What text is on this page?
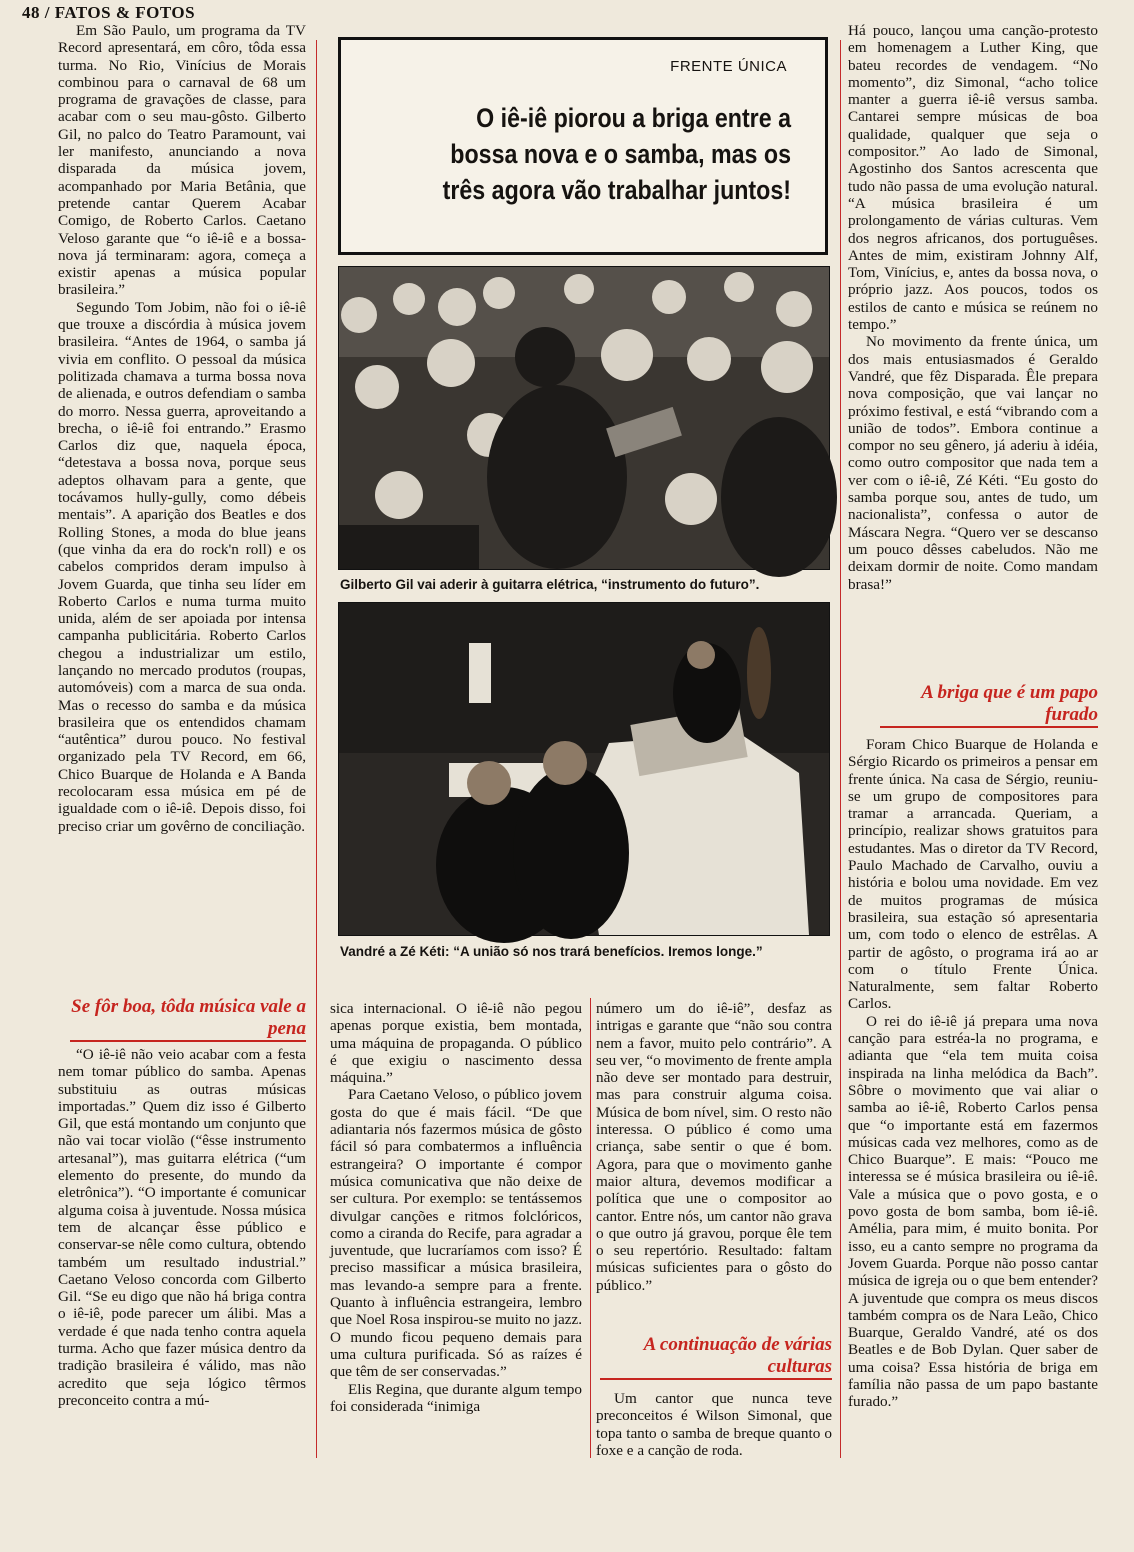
48 / FATOS & FOTOS

Em São Paulo, um programa da TV Record apresentará, em côro, tôda essa turma. No Rio, Vinícius de Morais combinou para o carnaval de 68 um programa de gravações de classe, para acabar com o seu mau-gôsto. Gilberto Gil, no palco do Teatro Paramount, vai ler manifesto, anunciando a nova disparada da música jovem, acompanhado por Maria Betânia, que pretende cantar Querem Acabar Comigo, de Roberto Carlos. Caetano Veloso garante que “o iê-iê e a bossa-nova já terminaram: agora, começa a existir apenas a música popular brasileira.”

Segundo Tom Jobim, não foi o iê-iê que trouxe a discórdia à música jovem brasileira. “Antes de 1964, o samba já vivia em conflito. O pessoal da música politizada chamava a turma bossa nova de alienada, e outros defendiam o samba do morro. Nessa guerra, aproveitando a brecha, o iê-iê foi entrando.” Erasmo Carlos diz que, naquela época, “detestava a bossa nova, porque seus adeptos olhavam para a gente, que tocávamos hully-gully, como débeis mentais”. A aparição dos Beatles e dos Rolling Stones, a moda do blue jeans (que vinha da era do rock'n roll) e os cabelos compridos deram impulso à Jovem Guarda, que tinha seu líder em Roberto Carlos e numa turma muito unida, além de ser apoiada por intensa campanha publicitária. Roberto Carlos chegou a industrializar um estilo, lançando no mercado produtos (roupas, automóveis) com a marca de sua onda. Mas o recesso do samba e da música brasileira que os entendidos chamam “autêntica” durou pouco. No festival organizado pela TV Record, em 66, Chico Buarque de Holanda e A Banda recolocaram essa música em pé de igualdade com o iê-iê. Depois disso, foi preciso criar um govêrno de conciliação.

Se fôr boa, tôda música vale a pena

“O iê-iê não veio acabar com a festa nem tomar público do samba. Apenas substituiu as outras músicas importadas.” Quem diz isso é Gilberto Gil, que está montando um conjunto que não vai tocar violão (“êsse instrumento artesanal”), mas guitarra elétrica (“um elemento do presente, do mundo da eletrônica”). “O importante é comunicar alguma coisa à juventude. Nossa música tem de alcançar êsse público e conservar-se nêle como cultura, obtendo também um resultado industrial.” Caetano Veloso concorda com Gilberto Gil. “Se eu digo que não há briga contra o iê-iê, pode parecer um álibi. Mas a verdade é que nada tenho contra aquela turma. Acho que fazer música dentro da tradição brasileira é válido, mas não acredito que seja lógico têrmos preconceito contra a mú-

FRENTE ÚNICA
O iê-iê piorou a briga entre a bossa nova e o samba, mas os três agora vão trabalhar juntos!
Gilberto Gil vai aderir à guitarra elétrica, “instrumento do futuro”.
Vandré a Zé Kéti: “A união só nos trará benefícios. Iremos longe.”

sica internacional. O iê-iê não pegou apenas porque existia, bem montada, uma máquina de propaganda. O público é que exigiu o nascimento dessa máquina.”

Para Caetano Veloso, o público jovem gosta do que é mais fácil. “De que adiantaria nós fazermos música de gôsto fácil só para combatermos a influência estrangeira? O importante é compor música comunicativa que não deixe de ser cultura. Por exemplo: se tentássemos divulgar canções e ritmos folclóricos, como a ciranda do Recife, para agradar a juventude, que lucraríamos com isso? É preciso massificar a música brasileira, mas levando-a sempre para a frente. Quanto à influência estrangeira, lembro que Noel Rosa inspirou-se muito no jazz. O mundo ficou pequeno demais para uma cultura purificada. Só as raízes é que têm de ser conservadas.”

Elis Regina, que durante algum tempo foi considerada “inimiga

número um do iê-iê”, desfaz as intrigas e garante que “não sou contra nem a favor, muito pelo contrário”. A seu ver, “o movimento de frente ampla não deve ser montado para destruir, mas para construir alguma coisa. Música de bom nível, sim. O resto não interessa. O público é como uma criança, sabe sentir o que é bom. Agora, para que o movimento ganhe maior altura, devemos modificar a política que une o compositor ao cantor. Entre nós, um cantor não grava o que outro já gravou, porque êle tem o seu repertório. Resultado: faltam músicas suficientes para o gôsto do público.”

A continuação de várias culturas

Um cantor que nunca teve preconceitos é Wilson Simonal, que topa tanto o samba de breque quanto o foxe e a canção de roda.

Há pouco, lançou uma canção-protesto em homenagem a Luther King, que bateu recordes de vendagem. “No momento”, diz Simonal, “acho tolice manter a guerra iê-iê versus samba. Cantarei sempre músicas de boa qualidade, qualquer que seja o compositor.” Ao lado de Simonal, Agostinho dos Santos acrescenta que tudo não passa de uma evolução natural. “A música brasileira é um prolongamento de várias culturas. Vem dos negros africanos, dos portuguêses. Antes de mim, existiram Johnny Alf, Tom, Vinícius, e, antes da bossa nova, o próprio jazz. Aos poucos, todos os estilos de canto e música se reúnem no tempo.”

No movimento da frente única, um dos mais entusiasmados é Geraldo Vandré, que fêz Disparada. Êle prepara nova composição, que vai lançar no próximo festival, e está “vibrando com a união de todos”. Embora continue a compor no seu gênero, já aderiu à idéia, como outro compositor que nada tem a ver com o iê-iê, Zé Kéti. “Eu gosto do samba porque sou, antes de tudo, um nacionalista”, confessa o autor de Máscara Negra. “Quero ver se descanso um pouco dêsses cabeludos. Não me deixam dormir de noite. Como mandam brasa!”

A briga que é um papo furado

Foram Chico Buarque de Holanda e Sérgio Ricardo os primeiros a pensar em frente única. Na casa de Sérgio, reuniu-se um grupo de compositores para tramar a arrancada. Queriam, a princípio, realizar shows gratuitos para estudantes. Mas o diretor da TV Record, Paulo Machado de Carvalho, ouviu a história e bolou uma novidade. Em vez de muitos programas de música brasileira, sua estação só apresentaria um, com todo o elenco de estrêlas. A partir de agôsto, o programa irá ao ar com o título Frente Única. Naturalmente, sem faltar Roberto Carlos.

O rei do iê-iê já prepara uma nova canção para estréa-la no programa, e adianta que “ela tem muita coisa inspirada na linha melódica da Bach”. Sôbre o movimento que vai aliar o samba ao iê-iê, Roberto Carlos pensa que “o importante está em fazermos músicas cada vez melhores, como as de Chico Buarque”. E mais: “Pouco me interessa se é música brasileira ou iê-iê. Vale a música que o povo gosta, e o povo gosta de bom samba, bom iê-iê. Amélia, para mim, é muito bonita. Por isso, eu a canto sempre no programa da Jovem Guarda. Porque não posso cantar música de igreja ou o que bem entender? A juventude que compra os meus discos também compra os de Nara Leão, Chico Buarque, Geraldo Vandré, até os dos Beatles e de Bob Dylan. Quer saber de uma coisa? Essa história de briga em família não passa de um papo bastante furado.”
